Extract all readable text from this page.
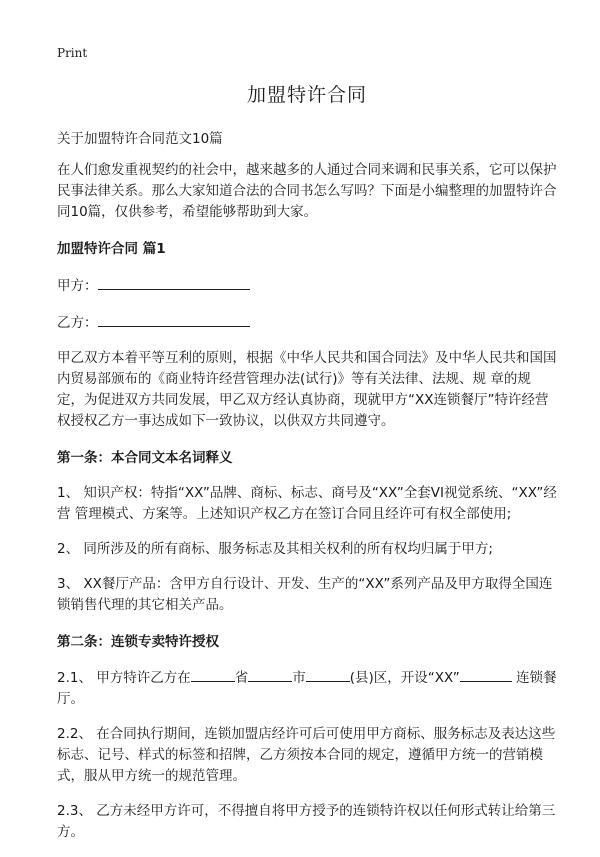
Print
加盟特许合同
关于加盟特许合同范文10篇

在人们愈发重视契约的社会中，越来越多的人通过合同来调和民事关系，它可以保护民事法律关系。那么大家知道合法的合同书怎么写吗？下面是小编整理的加盟特许合同10篇，仅供参考，希望能够帮助到大家。

加盟特许合同 篇1
甲方：
乙方：

甲乙双方本着平等互利的原则，根据《中华人民共和国合同法》及中华人民共和国国内贸易部颁布的《商业特许经营管理办法(试行)》等有关法律、法规、规 章的规定，为促进双方共同发展，甲乙双方经认真协商，现就甲方“XX连锁餐厅”特许经营权授权乙方一事达成如下一致协议，以供双方共同遵守。

第一条：本合同文本名词释义

1、 知识产权：特指“XX”品牌、商标、标志、商号及“XX”全套VI视觉系统、“XX”经 营 管理模式、方案等。上述知识产权乙方在签订合同且经许可有权全部使用;

2、 同所涉及的所有商标、服务标志及其相关权利的所有权均归属于甲方;

3、 XX餐厅产品：含甲方自行设计、开发、生产的“XX”系列产品及甲方取得全国连锁销售代理的其它相关产品。

第二条：连锁专卖特许授权

2.1、 甲方特许乙方在	省	市	(县)区，开设“XX”	连锁餐厅。

2.2、 在合同执行期间，连锁加盟店经许可后可使用甲方商标、服务标志及表达这些标志、记号、样式的标签和招牌，乙方须按本合同的规定，遵循甲方统一的营销模式，服从甲方统一的规范管理。

2.3、 乙方未经甲方许可，不得擅自将甲方授予的连锁特许权以任何形式转让给第三方。
